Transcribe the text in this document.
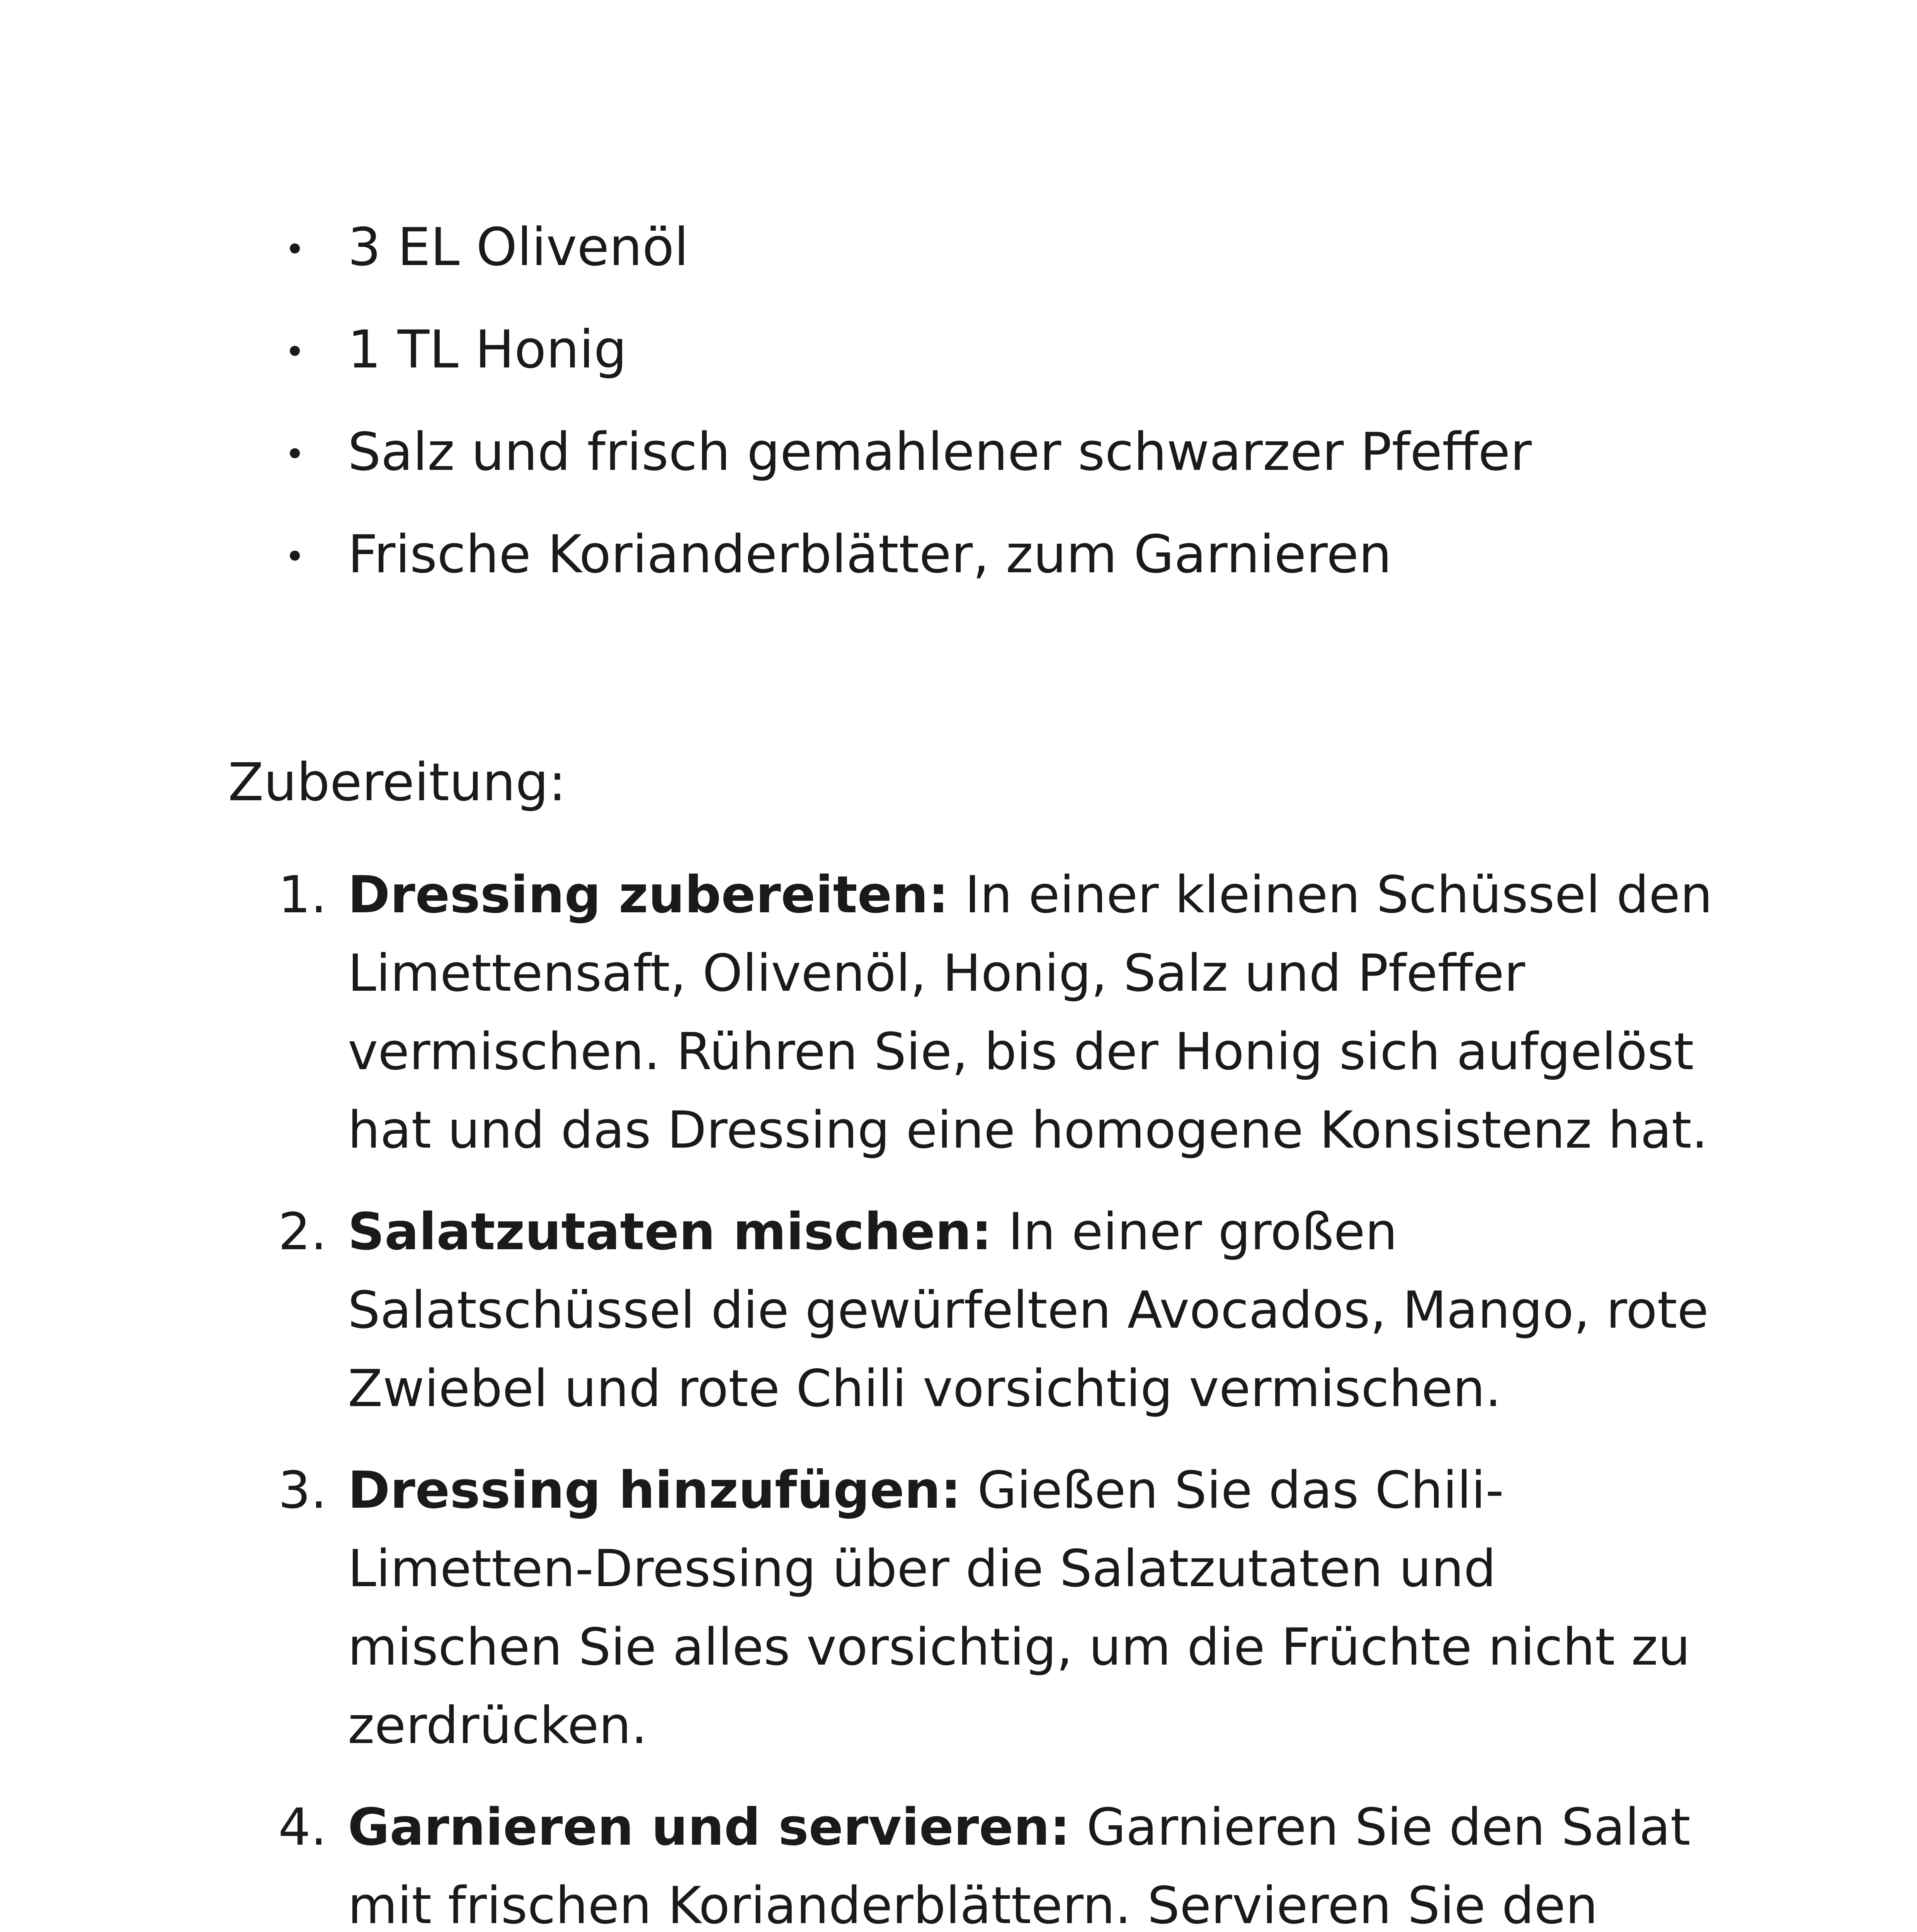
3 EL Olivenöl
1 TL Honig
Salz und frisch gemahlener schwarzer Pfeffer
Frische Korianderblätter, zum Garnieren
Zubereitung:
1. Dressing zubereiten: In einer kleinen Schüssel den Limettensaft, Olivenöl, Honig, Salz und Pfeffer vermischen. Rühren Sie, bis der Honig sich aufgelöst hat und das Dressing eine homogene Konsistenz hat.
2. Salatzutaten mischen: In einer großen Salatschüssel die gewürfelten Avocados, Mango, rote Zwiebel und rote Chili vorsichtig vermischen.
3. Dressing hinzufügen: Gießen Sie das Chili-Limetten-Dressing über die Salatzutaten und mischen Sie alles vorsichtig, um die Früchte nicht zu zerdrücken.
4. Garnieren und servieren: Garnieren Sie den Salat mit frischen Korianderblättern. Servieren Sie den
